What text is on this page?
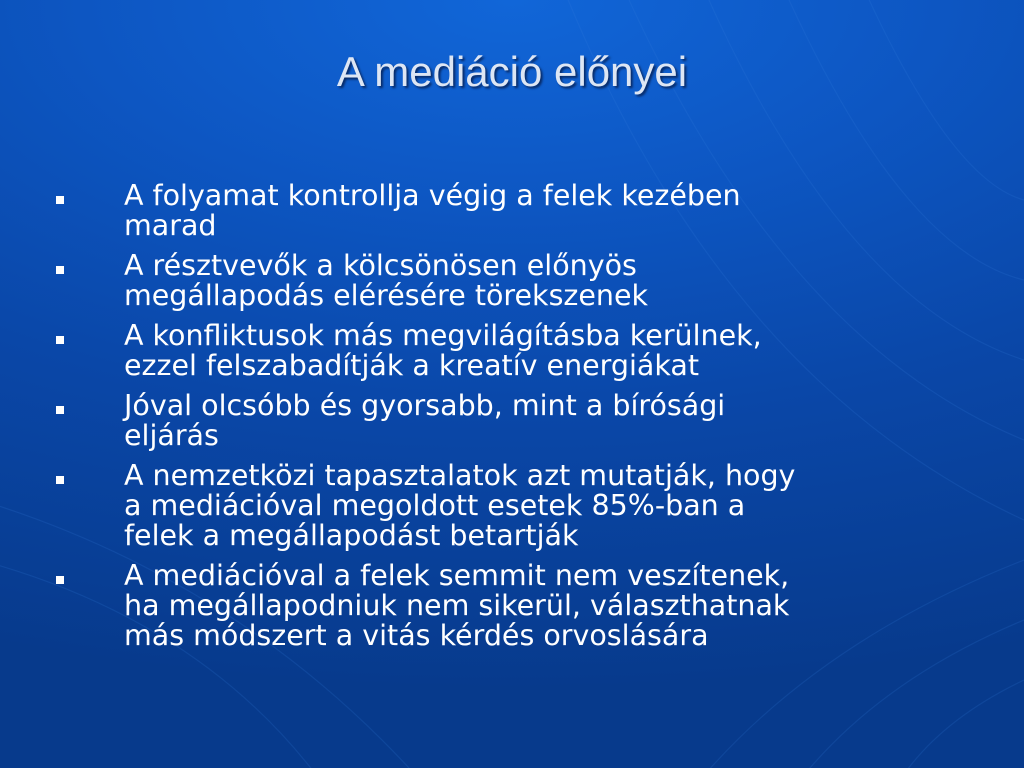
A mediáció előnyei
A folyamat kontrollja végig a felek kezében
marad
A résztvevők a kölcsönösen előnyös
megállapodás elérésére törekszenek
A konfliktusok más megvilágításba kerülnek,
ezzel felszabadítják a kreatív energiákat
Jóval olcsóbb és gyorsabb, mint a bírósági
eljárás
A nemzetközi tapasztalatok azt mutatják, hogy
a mediációval megoldott esetek 85%-ban a
felek a megállapodást betartják
A mediációval a felek semmit nem veszítenek,
ha megállapodniuk nem sikerül, választhatnak
más módszert a vitás kérdés orvoslására
